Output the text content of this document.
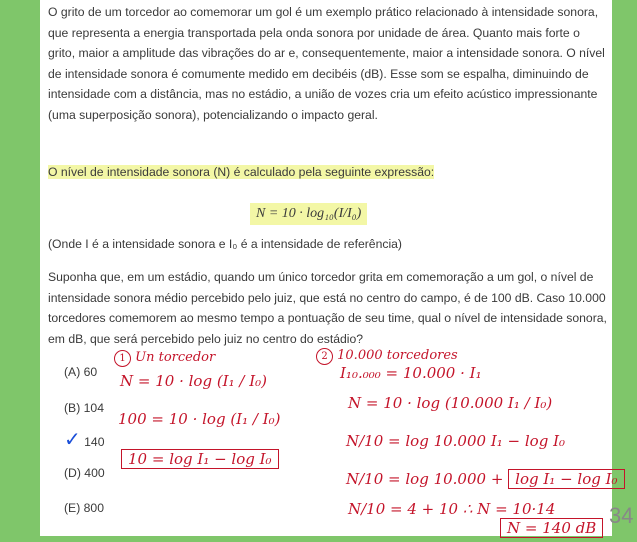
O grito de um torcedor ao comemorar um gol é um exemplo prático relacionado à intensidade sonora, que representa a energia transportada pela onda sonora por unidade de área. Quanto mais forte o grito, maior a amplitude das vibrações do ar e, consequentemente, maior a intensidade sonora. O nível de intensidade sonora é comumente medido em decibéis (dB). Esse som se espalha, diminuindo de intensidade com a distância, mas no estádio, a união de vozes cria um efeito acústico impressionante (uma superposição sonora), potencializando o impacto geral.
O nível de intensidade sonora (N) é calculado pela seguinte expressão:
N = 10 · log₁₀(I/I₀)
(Onde I é a intensidade sonora e I₀ é a intensidade de referência)
Suponha que, em um estádio, quando um único torcedor grita em comemoração a um gol, o nível de intensidade sonora médio percebido pelo juiz, que está no centro do campo, é de 100 dB. Caso 10.000 torcedores comemorem ao mesmo tempo a pontuação de seu time, qual o nível de intensidade sonora, em dB, que será percebido pelo juiz no centro do estádio?
(A) 60
(B) 104
✓ 140
(D) 400
(E) 800
1 Un torcedor
N = 10 · log (I₁ / I₀)
100 = 10 · log (I₁ / I₀)
10 = log I₁ − log I₀
2 10.000 torcedores
I₁₀.₀₀₀ = 10.000 · I₁
N = 10 · log (10.000 I₁ / I₀)
N/10 = log 10.000 I₁ − log I₀
N/10 = log 10.000 + log I₁ − log I₀
N/10 = 4 + 10 ∴ N = 10·14
N = 140 dB 34
